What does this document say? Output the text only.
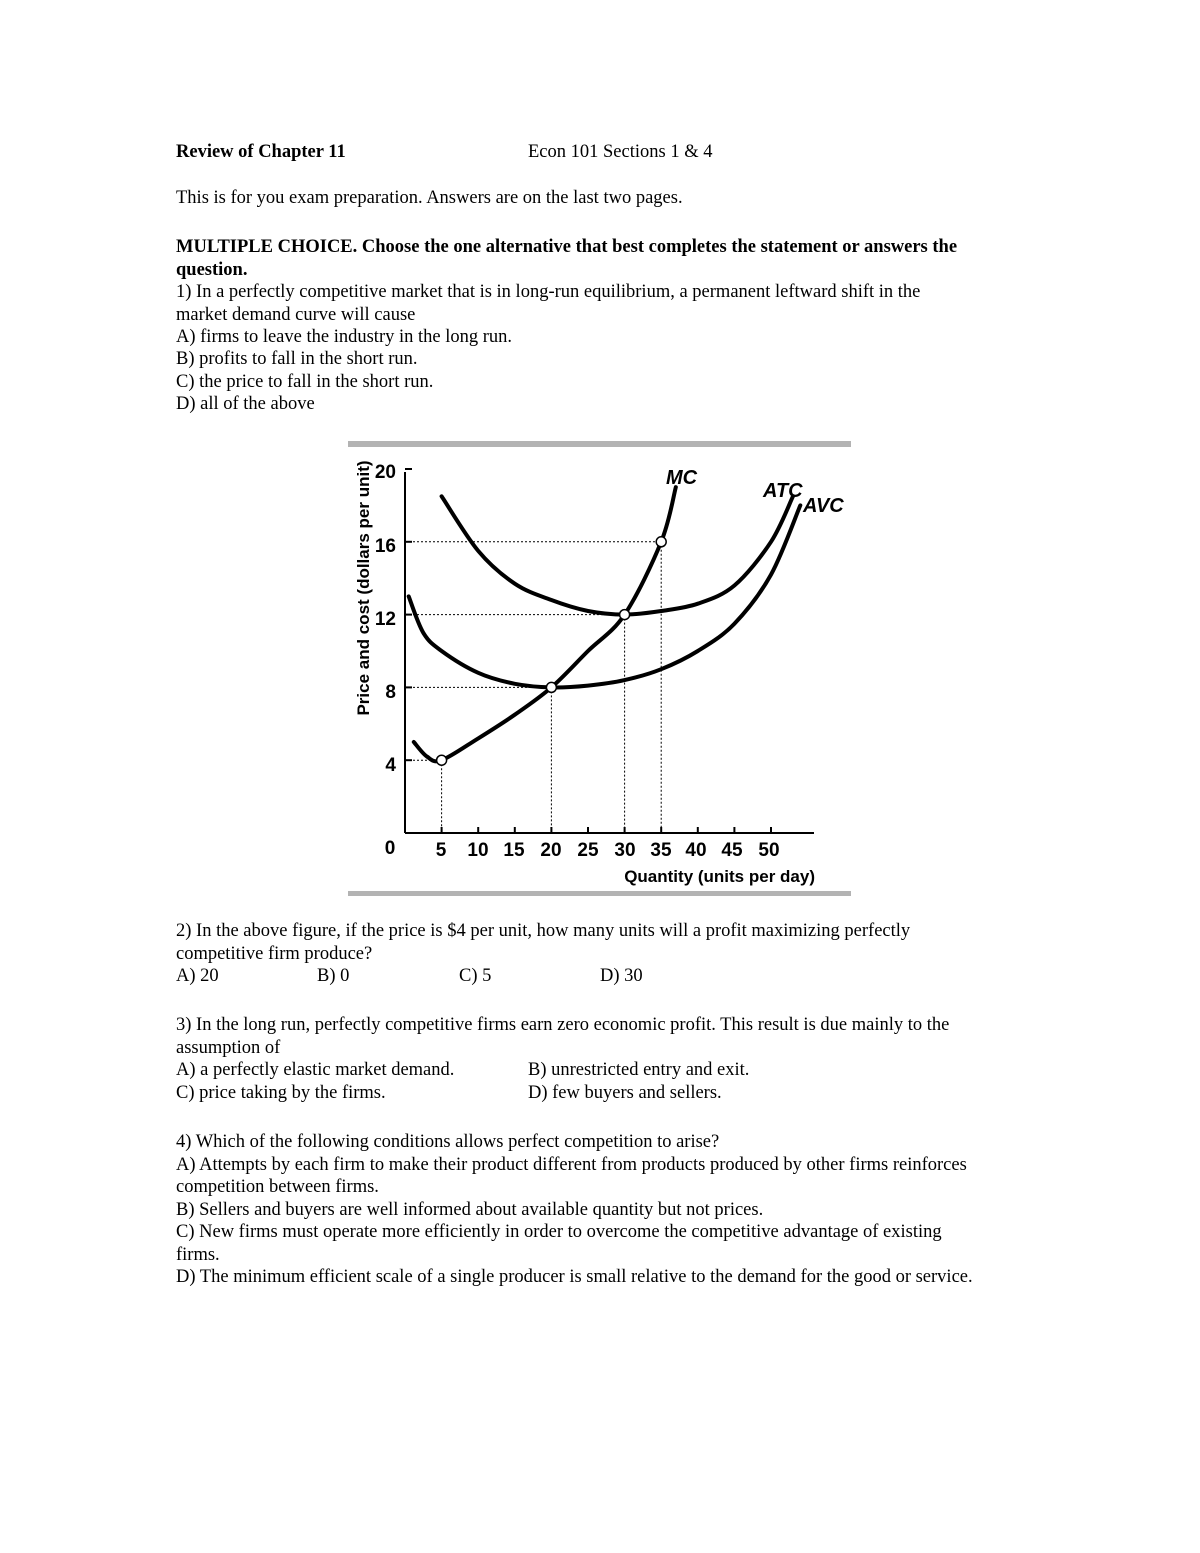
Review of Chapter 11	Econ 101 Sections 1 & 4
This is for you exam preparation. Answers are on the last two pages.
MULTIPLE CHOICE. Choose the one alternative that best completes the statement or answers the
question.
1) In a perfectly competitive market that is in long-run equilibrium, a permanent leftward shift in the
market demand curve will cause
A) firms to leave the industry in the long run.
B) profits to fall in the short run.
C) the price to fall in the short run.
D) all of the above
20
16
12
8
4
0 5 10 15 20 25 30 35 40 45 50
Quantity (units per day)
Price and cost (dollars per unit)	MC
ATC
AVC
2) In the above figure, if the price is $4 per unit, how many units will a profit maximizing perfectly
competitive firm produce?
A) 20	B) 0	C) 5	D) 30
3) In the long run, perfectly competitive firms earn zero economic profit. This result is due mainly to the
assumption of
A) a perfectly elastic market demand.	B) unrestricted entry and exit.
C) price taking by the firms.	D) few buyers and sellers.
4) Which of the following conditions allows perfect competition to arise?
A) Attempts by each firm to make their product different from products produced by other firms reinforces
competition between firms.
B) Sellers and buyers are well informed about available quantity but not prices.
C) New firms must operate more efficiently in order to overcome the competitive advantage of existing
firms.
D) The minimum efficient scale of a single producer is small relative to the demand for the good or service.
